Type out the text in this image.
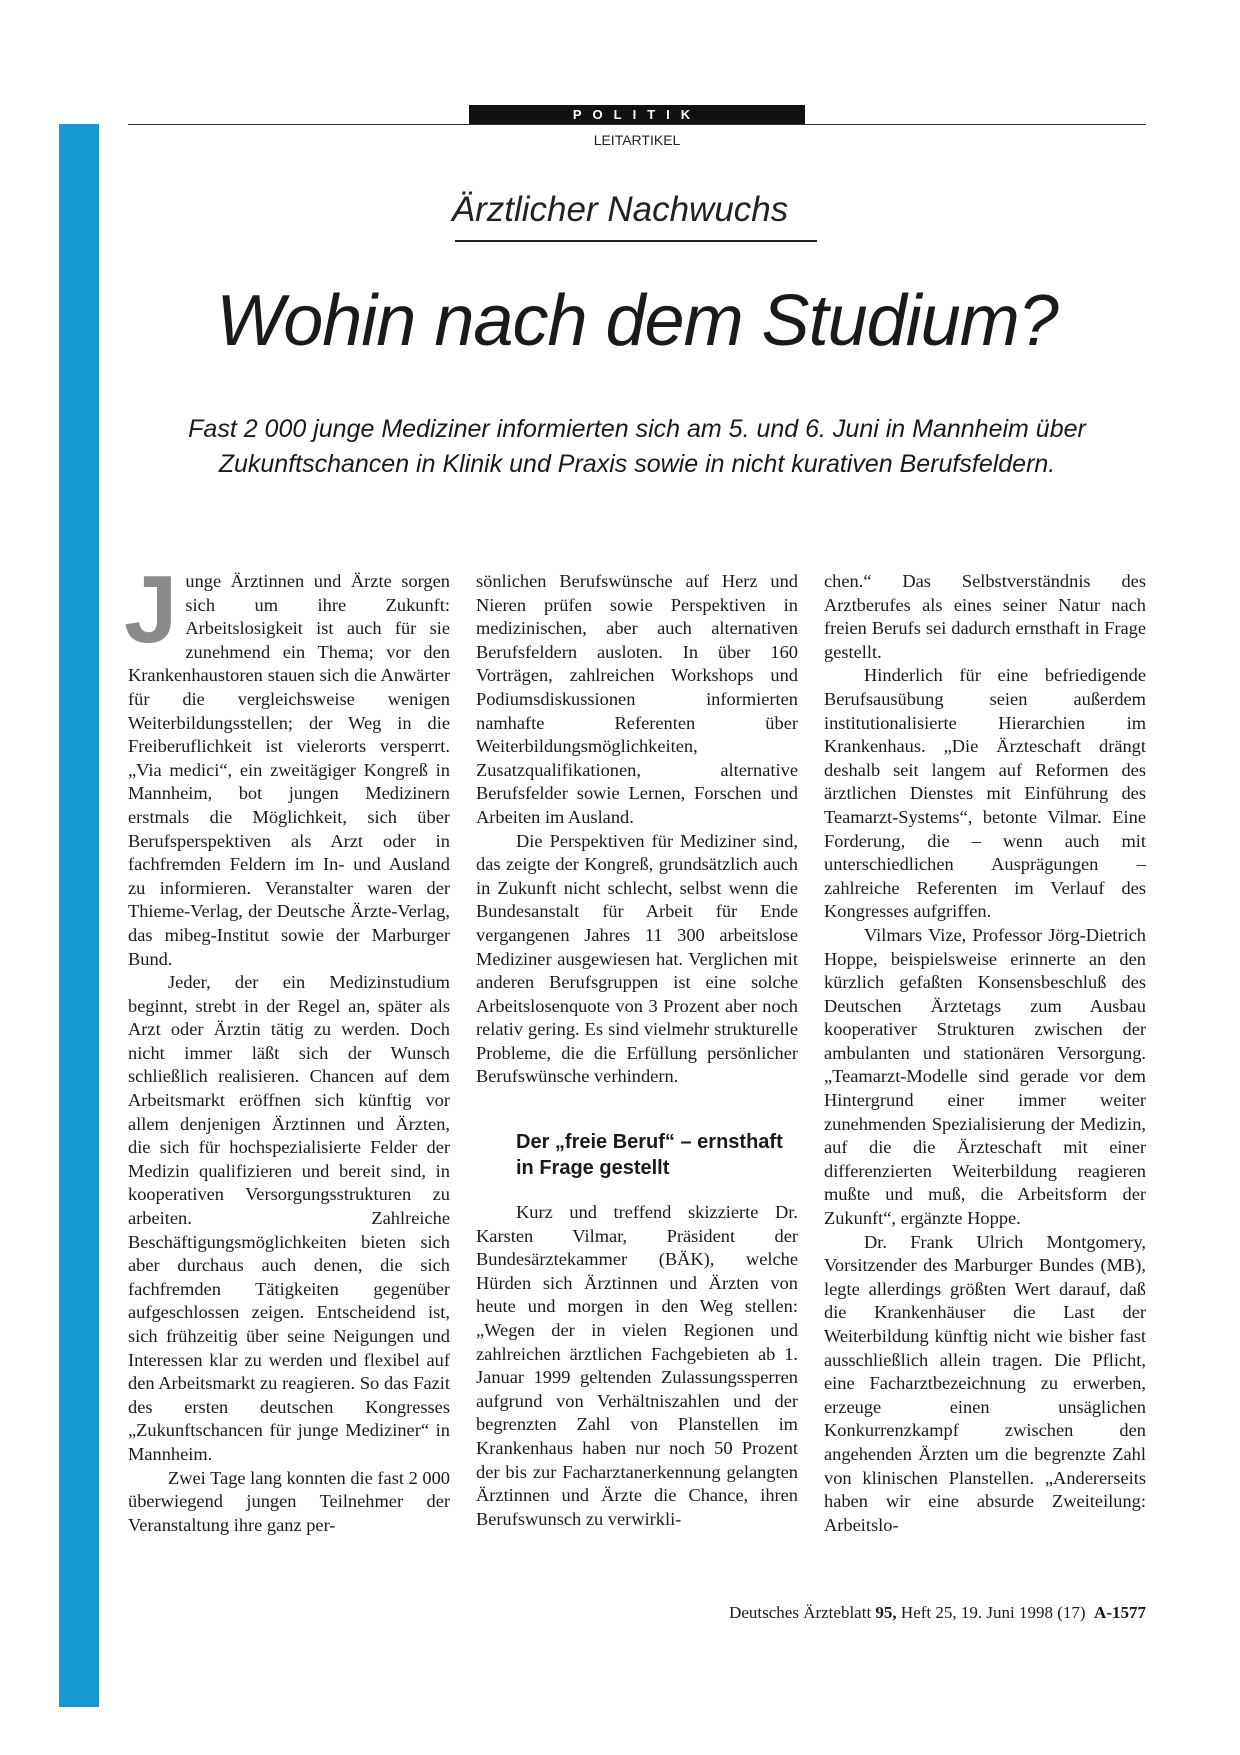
POLITIK
LEITARTIKEL
Ärztlicher Nachwuchs
Wohin nach dem Studium?
Fast 2 000 junge Mediziner informierten sich am 5. und 6. Juni in Mannheim über Zukunftschancen in Klinik und Praxis sowie in nicht kurativen Berufsfeldern.

Junge Ärztinnen und Ärzte sorgen sich um ihre Zukunft: Arbeitslosigkeit ist auch für sie zunehmend ein Thema; vor den Krankenhaustoren stauen sich die Anwärter für die vergleichsweise wenigen Weiterbildungsstellen; der Weg in die Freiberuflichkeit ist vielerorts versperrt. „Via medici“, ein zweitägiger Kongreß in Mannheim, bot jungen Medizinern erstmals die Möglichkeit, sich über Berufsperspektiven als Arzt oder in fachfremden Feldern im In- und Ausland zu informieren. Veranstalter waren der Thieme-Verlag, der Deutsche Ärzte-Verlag, das mibeg-Institut sowie der Marburger Bund.

Jeder, der ein Medizinstudium beginnt, strebt in der Regel an, später als Arzt oder Ärztin tätig zu werden. Doch nicht immer läßt sich der Wunsch schließlich realisieren. Chancen auf dem Arbeitsmarkt eröffnen sich künftig vor allem denjenigen Ärztinnen und Ärzten, die sich für hochspezialisierte Felder der Medizin qualifizieren und bereit sind, in kooperativen Versorgungsstrukturen zu arbeiten. Zahlreiche Beschäftigungsmöglichkeiten bieten sich aber durchaus auch denen, die sich fachfremden Tätigkeiten gegenüber aufgeschlossen zeigen. Entscheidend ist, sich frühzeitig über seine Neigungen und Interessen klar zu werden und flexibel auf den Arbeitsmarkt zu reagieren. So das Fazit des ersten deutschen Kongresses „Zukunftschancen für junge Mediziner“ in Mannheim.

Zwei Tage lang konnten die fast 2 000 überwiegend jungen Teilnehmer der Veranstaltung ihre ganz per-

sönlichen Berufswünsche auf Herz und Nieren prüfen sowie Perspektiven in medizinischen, aber auch alternativen Berufsfeldern ausloten. In über 160 Vorträgen, zahlreichen Workshops und Podiumsdiskussionen informierten namhafte Referenten über Weiterbildungsmöglichkeiten, Zusatzqualifikationen, alternative Berufsfelder sowie Lernen, Forschen und Arbeiten im Ausland.

Die Perspektiven für Mediziner sind, das zeigte der Kongreß, grundsätzlich auch in Zukunft nicht schlecht, selbst wenn die Bundesanstalt für Arbeit für Ende vergangenen Jahres 11 300 arbeitslose Mediziner ausgewiesen hat. Verglichen mit anderen Berufsgruppen ist eine solche Arbeitslosenquote von 3 Prozent aber noch relativ gering. Es sind vielmehr strukturelle Probleme, die die Erfüllung persönlicher Berufswünsche verhindern.

Der „freie Beruf“ – ernsthaft in Frage gestellt

Kurz und treffend skizzierte Dr. Karsten Vilmar, Präsident der Bundesärztekammer (BÄK), welche Hürden sich Ärztinnen und Ärzten von heute und morgen in den Weg stellen: „Wegen der in vielen Regionen und zahlreichen ärztlichen Fachgebieten ab 1. Januar 1999 geltenden Zulassungssperren aufgrund von Verhältniszahlen und der begrenzten Zahl von Planstellen im Krankenhaus haben nur noch 50 Prozent der bis zur Facharztanerkennung gelangten Ärztinnen und Ärzte die Chance, ihren Berufswunsch zu verwirkli-

chen.“ Das Selbstverständnis des Arztberufes als eines seiner Natur nach freien Berufs sei dadurch ernsthaft in Frage gestellt.

Hinderlich für eine befriedigende Berufsausübung seien außerdem institutionalisierte Hierarchien im Krankenhaus. „Die Ärzteschaft drängt deshalb seit langem auf Reformen des ärztlichen Dienstes mit Einführung des Teamarzt-Systems“, betonte Vilmar. Eine Forderung, die – wenn auch mit unterschiedlichen Ausprägungen – zahlreiche Referenten im Verlauf des Kongresses aufgriffen.

Vilmars Vize, Professor Jörg-Dietrich Hoppe, beispielsweise erinnerte an den kürzlich gefaßten Konsensbeschluß des Deutschen Ärztetags zum Ausbau kooperativer Strukturen zwischen der ambulanten und stationären Versorgung. „Teamarzt-Modelle sind gerade vor dem Hintergrund einer immer weiter zunehmenden Spezialisierung der Medizin, auf die die Ärzteschaft mit einer differenzierten Weiterbildung reagieren mußte und muß, die Arbeitsform der Zukunft“, ergänzte Hoppe.

Dr. Frank Ulrich Montgomery, Vorsitzender des Marburger Bundes (MB), legte allerdings größten Wert darauf, daß die Krankenhäuser die Last der Weiterbildung künftig nicht wie bisher fast ausschließlich allein tragen. Die Pflicht, eine Facharztbezeichnung zu erwerben, erzeuge einen unsäglichen Konkurrenzkampf zwischen den angehenden Ärzten um die begrenzte Zahl von klinischen Planstellen. „Andererseits haben wir eine absurde Zweiteilung: Arbeitslo-

Deutsches Ärzteblatt 95, Heft 25, 19. Juni 1998 (17) A-1577
